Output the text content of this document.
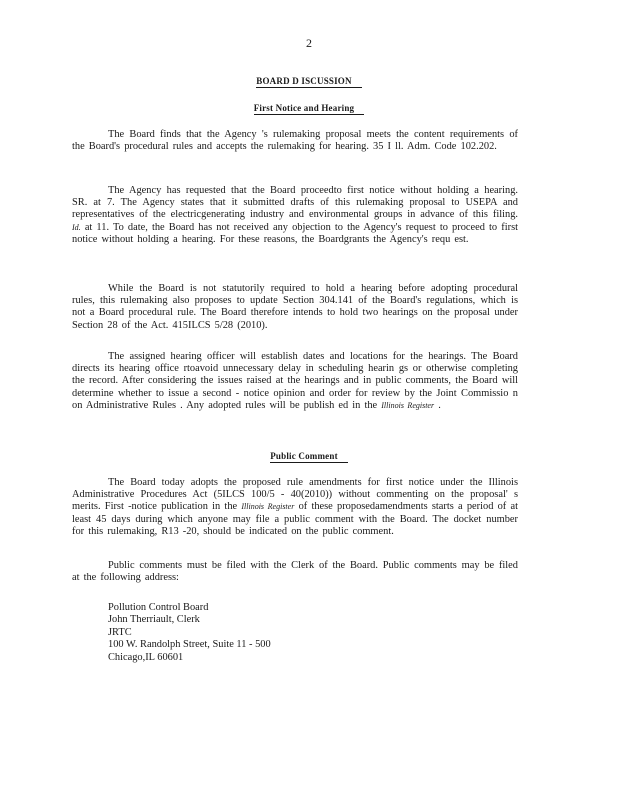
2
BOARD D ISCUSSION
First Notice and Hearing
The Board finds that the Agency 's rulemaking proposal meets the content requirements of the Board's procedural rules and accepts the rulemaking for hearing. 35 I ll. Adm. Code 102.202.
The Agency has requested that the Board proceedto first notice without holding a hearing. SR. at 7. The Agency states that it submitted drafts of this rulemaking proposal to USEPA and representatives of the electricgenerating industry and environmental groups in advance of this filing. Id. at 11. To date, the Board has not received any objection to the Agency's request to proceed to first notice without holding a hearing. For these reasons, the Boardgrants the Agency's requ est.
While the Board is not statutorily required to hold a hearing before adopting procedural rules, this rulemaking also proposes to update Section 304.141 of the Board's regulations, which is not a Board procedural rule. The Board therefore intends to hold two hearings on the proposal under Section 28 of the Act. 415ILCS 5/28 (2010).
The assigned hearing officer will establish dates and locations for the hearings. The Board directs its hearing office rtoavoid unnecessary delay in scheduling hearin gs or otherwise completing the record. After considering the issues raised at the hearings and in public comments, the Board will determine whether to issue a second - notice opinion and order for review by the Joint Commissio n on Administrative Rules . Any adopted rules will be publish ed in the Illinois Register .
Public Comment
The Board today adopts the proposed rule amendments for first notice under the Illinois Administrative Procedures Act (5ILCS 100/5 - 40(2010)) without commenting on the proposal' s merits. First -notice publication in the Illinois Register of these proposedamendments starts a period of at least 45 days during which anyone may file a public comment with the Board. The docket number for this rulemaking, R13 -20, should be indicated on the public comment.
Public comments must be filed with the Clerk of the Board. Public comments may be filed at the following address:
Pollution Control Board
John Therriault, Clerk
JRTC
100 W. Randolph Street, Suite 11 - 500
Chicago,IL 60601
